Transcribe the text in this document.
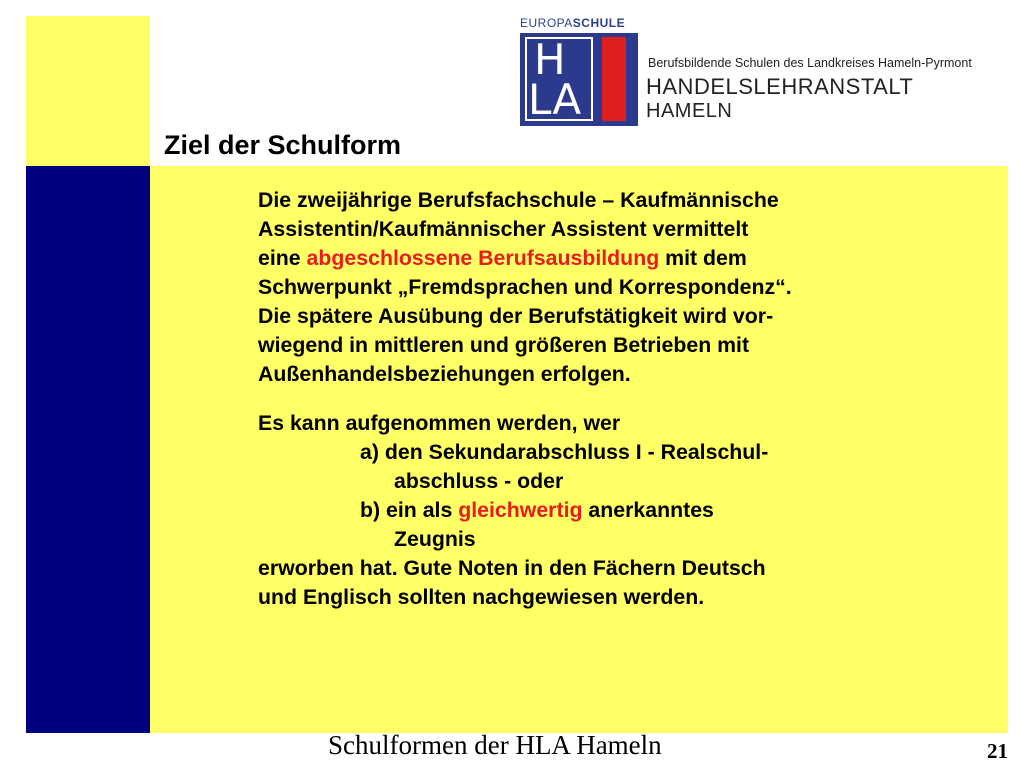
EUROPASCHULE
H
LA
Berufsbildende Schulen des Landkreises Hameln-Pyrmont
HANDELSLEHRANSTALT
HAMELN
Ziel der Schulform

Die zweijährige Berufsfachschule – Kaufmännische
Assistentin/Kaufmännischer Assistent vermittelt
eine abgeschlossene Berufsausbildung mit dem
Schwerpunkt „Fremdsprachen und Korrespondenz“.
Die spätere Ausübung der Berufstätigkeit wird vor-
wiegend in mittleren und größeren Betrieben mit
Außenhandelsbeziehungen erfolgen.

Es kann aufgenommen werden, wer
a) den Sekundarabschluss I - Realschul-
abschluss - oder
b) ein als gleichwertig anerkanntes
Zeugnis
erworben hat. Gute Noten in den Fächern Deutsch
und Englisch sollten nachgewiesen werden.

Schulformen der HLA Hameln	21
